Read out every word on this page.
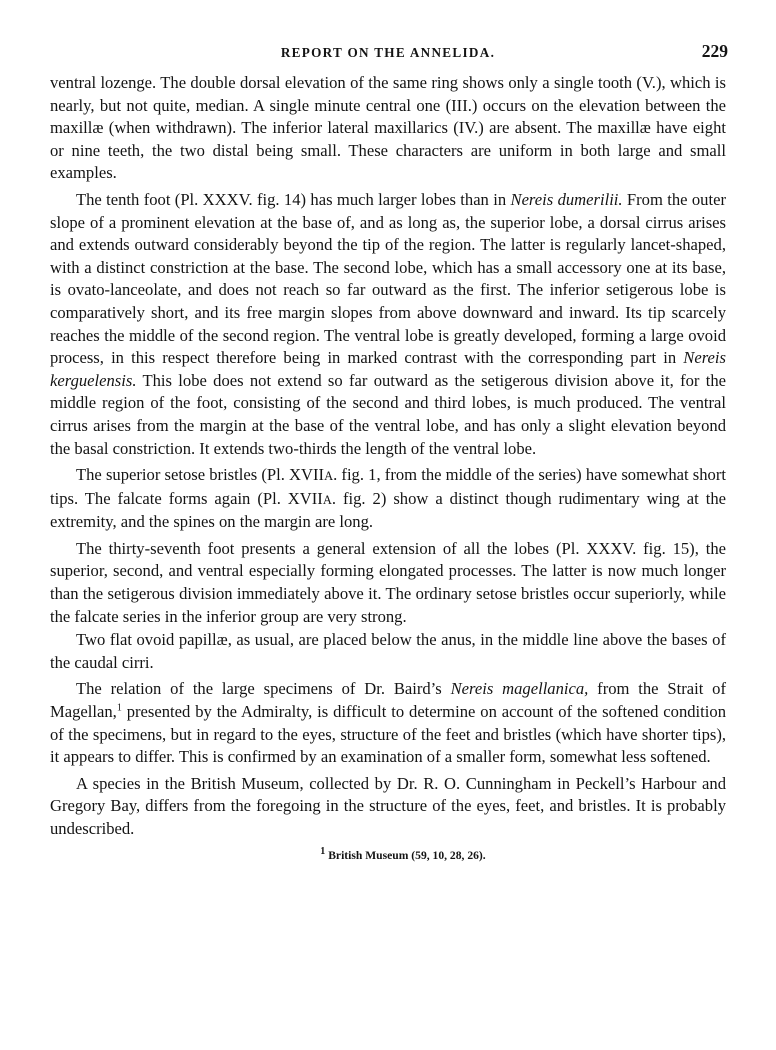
REPORT ON THE ANNELIDA.	229

ventral lozenge. The double dorsal elevation of the same ring shows only a single tooth (V.), which is nearly, but not quite, median. A single minute central one (III.) occurs on the elevation between the maxillæ (when withdrawn). The inferior lateral maxillarics (IV.) are absent. The maxillæ have eight or nine teeth, the two distal being small. These characters are uniform in both large and small examples.

The tenth foot (Pl. XXXV. fig. 14) has much larger lobes than in Nereis dumerilii. From the outer slope of a prominent elevation at the base of, and as long as, the superior lobe, a dorsal cirrus arises and extends outward considerably beyond the tip of the region. The latter is regularly lancet-shaped, with a distinct constriction at the base. The second lobe, which has a small accessory one at its base, is ovato-lanceolate, and does not reach so far outward as the first. The inferior setigerous lobe is comparatively short, and its free margin slopes from above downward and inward. Its tip scarcely reaches the middle of the second region. The ventral lobe is greatly developed, forming a large ovoid process, in this respect therefore being in marked contrast with the corresponding part in Nereis kerguelensis. This lobe does not extend so far outward as the setigerous division above it, for the middle region of the foot, consisting of the second and third lobes, is much produced. The ventral cirrus arises from the margin at the base of the ventral lobe, and has only a slight elevation beyond the basal constriction. It extends two-thirds the length of the ventral lobe.

The superior setose bristles (Pl. XVIIA. fig. 1, from the middle of the series) have somewhat short tips. The falcate forms again (Pl. XVIIA. fig. 2) show a distinct though rudimentary wing at the extremity, and the spines on the margin are long.

The thirty-seventh foot presents a general extension of all the lobes (Pl. XXXV. fig. 15), the superior, second, and ventral especially forming elongated processes. The latter is now much longer than the setigerous division immediately above it. The ordinary setose bristles occur superiorly, while the falcate series in the inferior group are very strong.

Two flat ovoid papillæ, as usual, are placed below the anus, in the middle line above the bases of the caudal cirri.

The relation of the large specimens of Dr. Baird’s Nereis magellanica, from the Strait of Magellan,$^1$ presented by the Admiralty, is difficult to determine on account of the softened condition of the specimens, but in regard to the eyes, structure of the feet and bristles (which have shorter tips), it appears to differ. This is confirmed by an examination of a smaller form, somewhat less softened.

A species in the British Museum, collected by Dr. R. O. Cunningham in Peckell’s Harbour and Gregory Bay, differs from the foregoing in the structure of the eyes, feet, and bristles. It is probably undescribed.

$^1$ British Museum (59, 10, 28, 26).
